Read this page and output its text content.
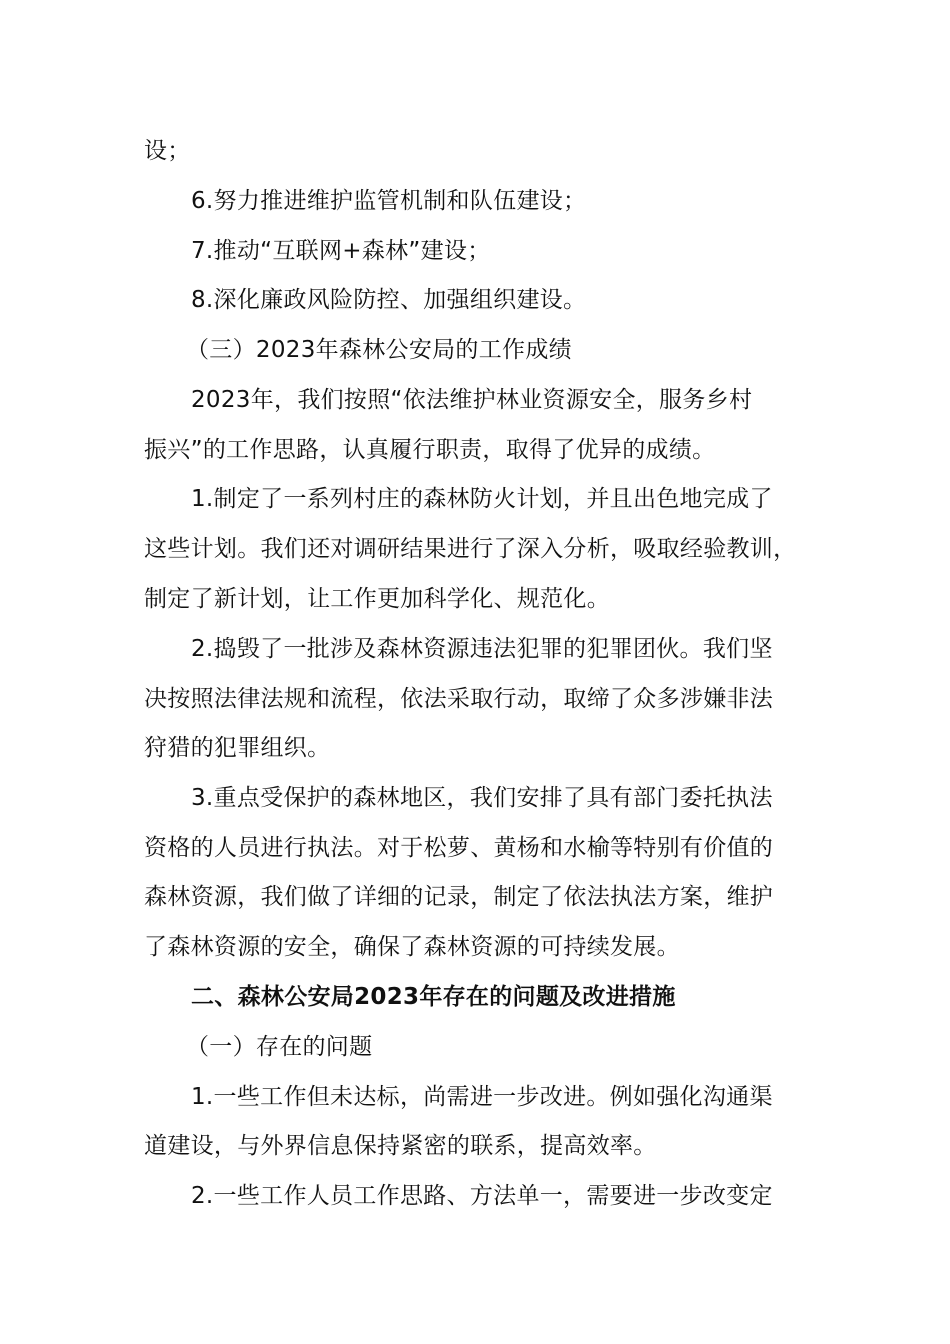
设；
6.努力推进维护监管机制和队伍建设；
7.推动“互联网+森林”建设；
8.深化廉政风险防控、加强组织建设。
（三）2023年森林公安局的工作成绩
2023年，我们按照“依法维护林业资源安全，服务乡村
振兴”的工作思路，认真履行职责，取得了优异的成绩。
1.制定了一系列村庄的森林防火计划，并且出色地完成了
这些计划。我们还对调研结果进行了深入分析，吸取经验教训，
制定了新计划，让工作更加科学化、规范化。
2.捣毁了一批涉及森林资源违法犯罪的犯罪团伙。我们坚
决按照法律法规和流程，依法采取行动，取缔了众多涉嫌非法
狩猎的犯罪组织。
3.重点受保护的森林地区，我们安排了具有部门委托执法
资格的人员进行执法。对于松萝、黄杨和水榆等特别有价值的
森林资源，我们做了详细的记录，制定了依法执法方案，维护
了森林资源的安全，确保了森林资源的可持续发展。
二、森林公安局2023年存在的问题及改进措施
（一）存在的问题
1.一些工作但未达标，尚需进一步改进。例如强化沟通渠
道建设，与外界信息保持紧密的联系，提高效率。
2.一些工作人员工作思路、方法单一，需要进一步改变定
